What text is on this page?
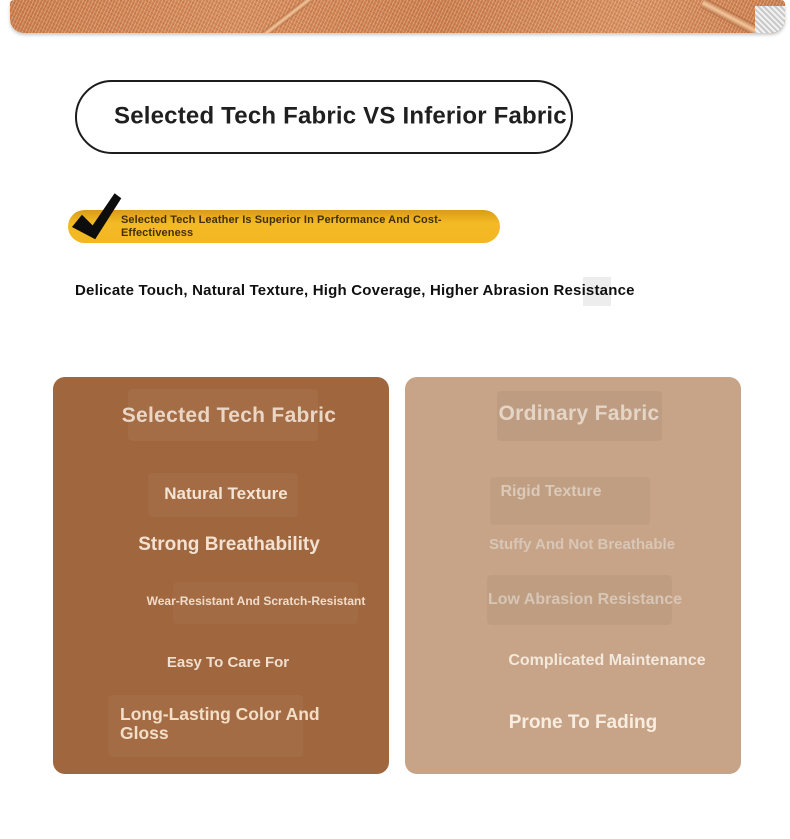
Selected Tech Fabric VS Inferior Fabric
Selected Tech Leather Is Superior In Performance And Cost-Effectiveness
Delicate Touch, Natural Texture, High Coverage, Higher Abrasion Resistance
Selected Tech Fabric
Natural Texture
Strong Breathability
Wear-Resistant And Scratch-Resistant
Easy To Care For
Long-Lasting Color And Gloss
Ordinary Fabric
Rigid Texture
Stuffy And Not Breathable
Low Abrasion Resistance
Complicated Maintenance
Prone To Fading
